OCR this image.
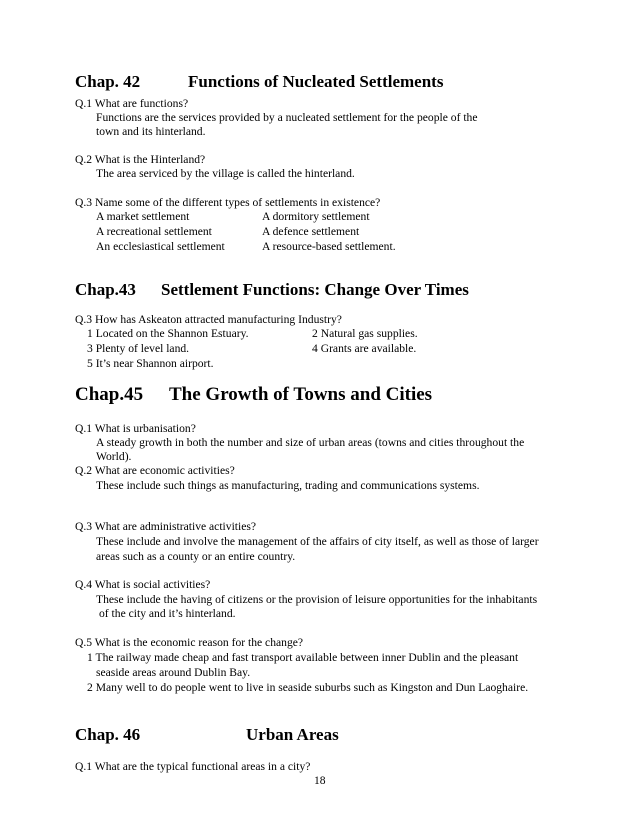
Chap. 42	Functions of Nucleated Settlements
Q.1 What are functions?
Functions are the services provided by a nucleated settlement for the people of the
town and its hinterland.
Q.2 What is the Hinterland?
The area serviced by the village is called the hinterland.
Q.3 Name some of the different types of settlements in existence?
A market settlement	A dormitory settlement
A recreational settlement	A defence settlement
An ecclesiastical settlement	A resource-based settlement.
Chap.43 Settlement Functions: Change Over Times
Q.3 How has Askeaton attracted manufacturing Industry?
1 Located on the Shannon Estuary.	2 Natural gas supplies.
3 Plenty of level land.	4 Grants are available.
5 It’s near Shannon airport.
Chap.45 The Growth of Towns and Cities
Q.1 What is urbanisation?
A steady growth in both the number and size of urban areas (towns and cities throughout the
World).
Q.2 What are economic activities?
These include such things as manufacturing, trading and communications systems.
Q.3 What are administrative activities?
These include and involve the management of the affairs of city itself, as well as those of larger
areas such as a county or an entire country.
Q.4 What is social activities?
These include the having of citizens or the provision of leisure opportunities for the inhabitants
of the city and it’s hinterland.
Q.5 What is the economic reason for the change?
1 The railway made cheap and fast transport available between inner Dublin and the pleasant
seaside areas around Dublin Bay.
2 Many well to do people went to live in seaside suburbs such as Kingston and Dun Laoghaire.
Chap. 46	Urban Areas
Q.1 What are the typical functional areas in a city?
18
